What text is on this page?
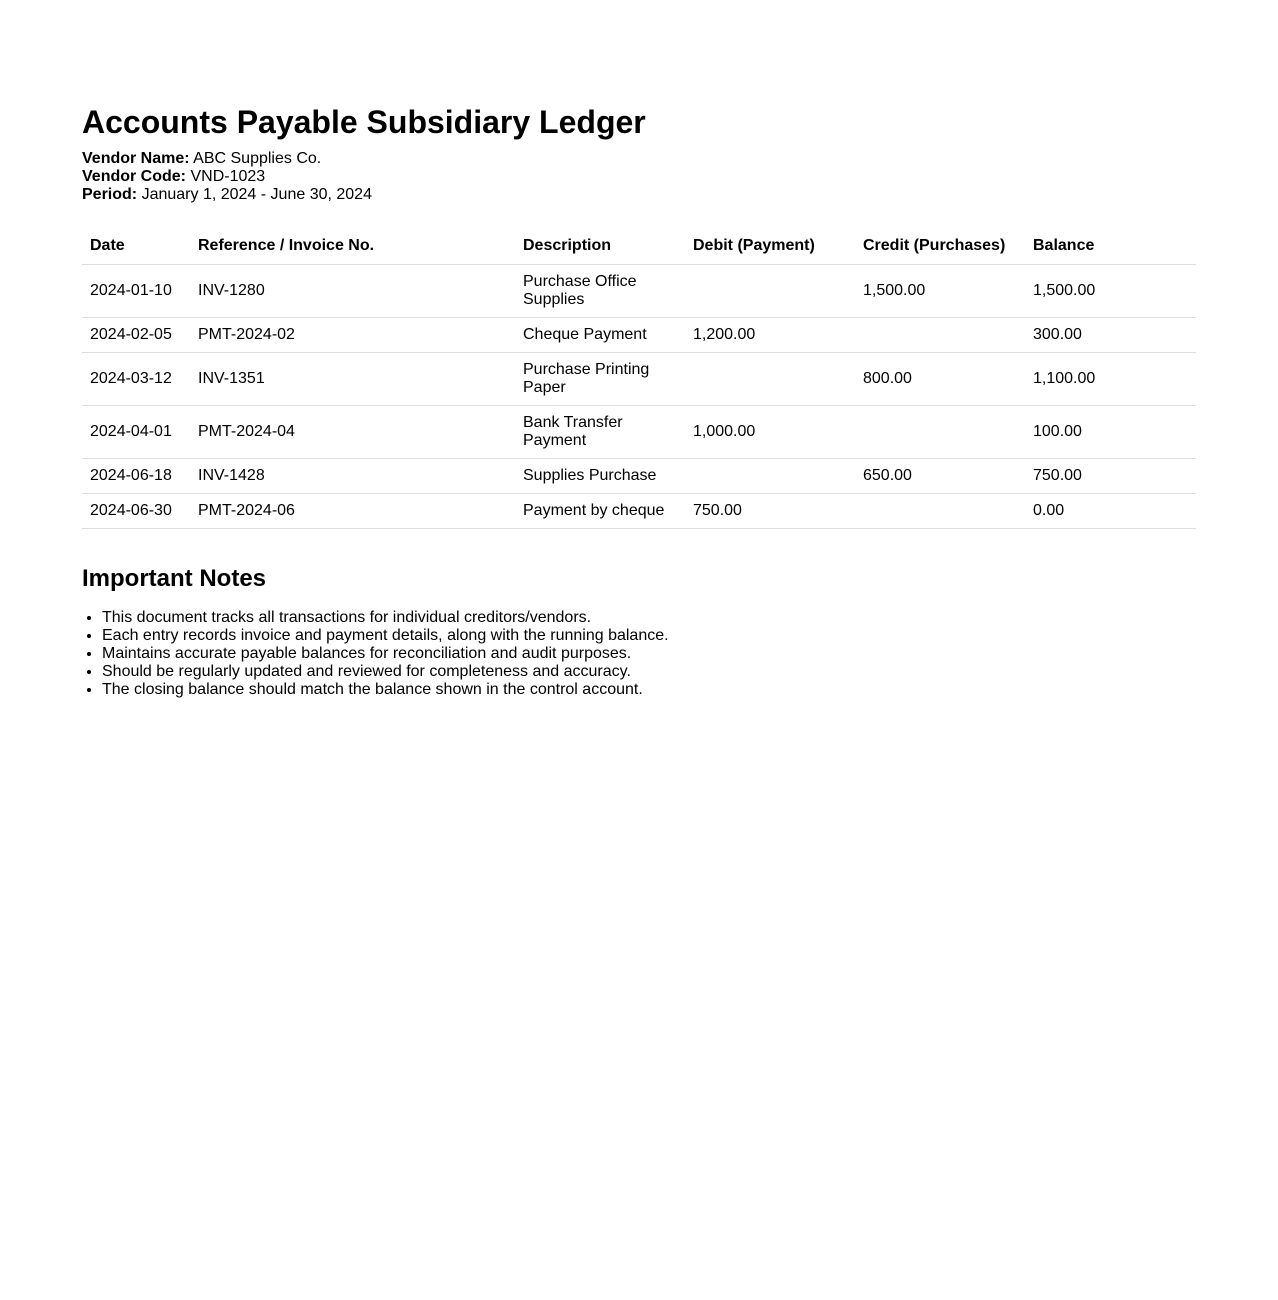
Accounts Payable Subsidiary Ledger
Vendor Name: ABC Supplies Co.
Vendor Code: VND-1023
Period: January 1, 2024 - June 30, 2024
Date	Reference / Invoice No.	Description	Debit (Payment)	Credit (Purchases)	Balance
2024-01-10	INV-1280	Purchase Office Supplies		1,500.00	1,500.00
2024-02-05	PMT-2024-02	Cheque Payment	1,200.00		300.00
2024-03-12	INV-1351	Purchase Printing Paper		800.00	1,100.00
2024-04-01	PMT-2024-04	Bank Transfer Payment	1,000.00		100.00
2024-06-18	INV-1428	Supplies Purchase		650.00	750.00
2024-06-30	PMT-2024-06	Payment by cheque	750.00		0.00
Important Notes
• This document tracks all transactions for individual creditors/vendors.
• Each entry records invoice and payment details, along with the running balance.
• Maintains accurate payable balances for reconciliation and audit purposes.
• Should be regularly updated and reviewed for completeness and accuracy.
• The closing balance should match the balance shown in the control account.
